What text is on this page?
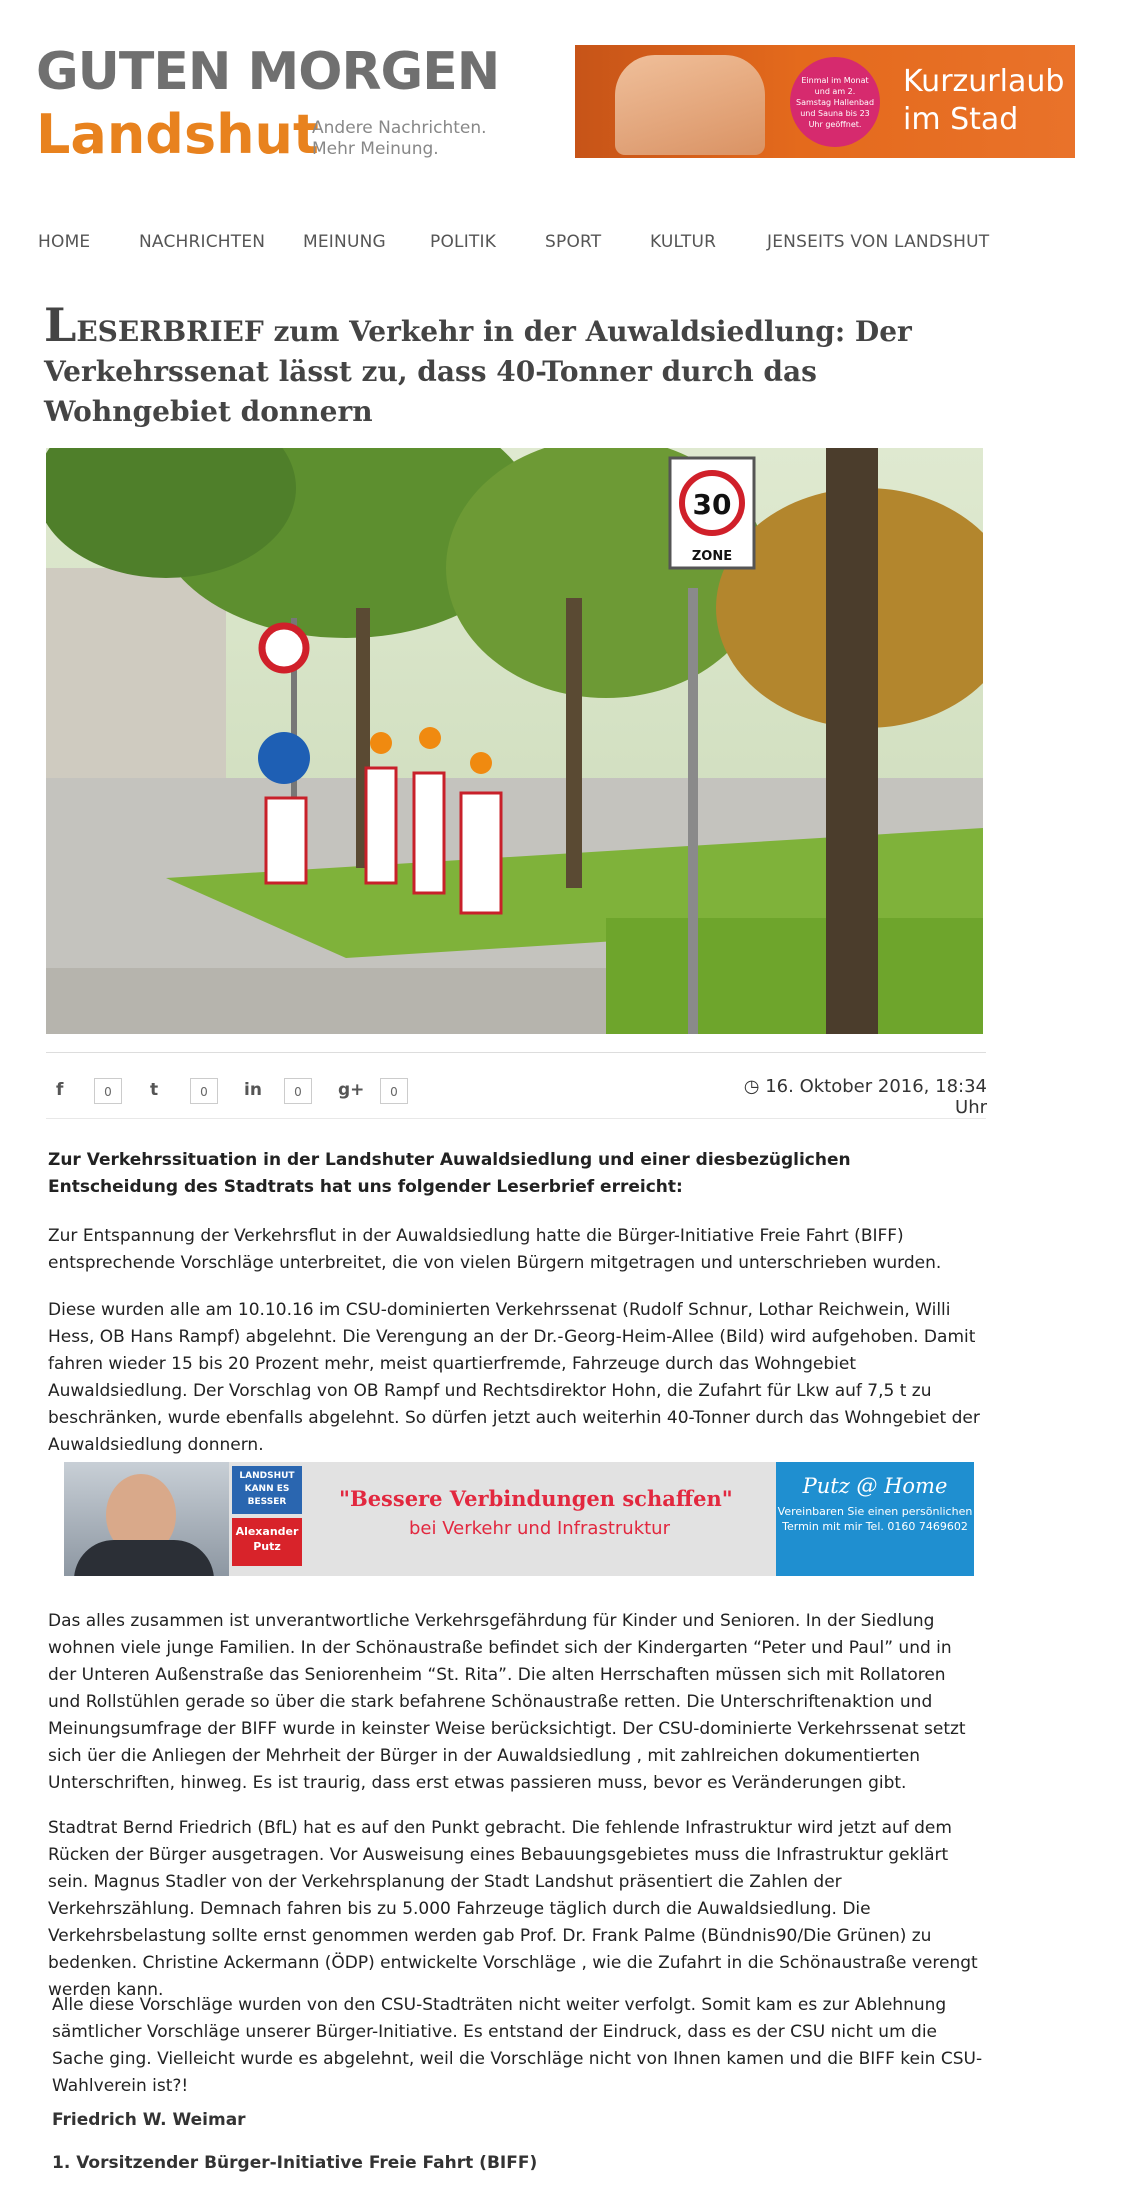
GUTEN MORGEN
Landshut
Andere Nachrichten.
Mehr Meinung.
Einmal im Monat und am 2. Samstag Hallenbad und Sauna bis 23 Uhr geöffnet.
Kurzurlaub
im Stad
HOME	NACHRICHTEN MEINUNG	POLITIK	SPORT	KULTUR	JENSEITS VON LANDSHUT
LESERBRIEF zum Verkehr in der Auwaldsiedlung: Der Verkehrssenat lässt zu, dass 40-Tonner durch das Wohngebiet donnern
30
ZONE
f	0	t	0	in	0	g+	0	◷ 16. Oktober 2016, 18:34 Uhr

Zur Verkehrssituation in der Landshuter Auwaldsiedlung und einer diesbezüglichen Entscheidung des Stadtrats hat uns folgender Leserbrief erreicht:

Zur Entspannung der Verkehrsflut in der Auwaldsiedlung hatte die Bürger-Initiative Freie Fahrt (BIFF) entsprechende Vorschläge unterbreitet, die von vielen Bürgern mitgetragen und unterschrieben wurden.

Diese wurden alle am 10.10.16 im CSU-dominierten Verkehrssenat (Rudolf Schnur, Lothar Reichwein, Willi Hess, OB Hans Rampf) abgelehnt. Die Verengung an der Dr.-Georg-Heim-Allee (Bild) wird aufgehoben. Damit fahren wieder 15 bis 20 Prozent mehr, meist quartierfremde, Fahrzeuge durch das Wohngebiet Auwaldsiedlung. Der Vorschlag von OB Rampf und Rechtsdirektor Hohn, die Zufahrt für Lkw auf 7,5 t zu beschränken, wurde ebenfalls abgelehnt. So dürfen jetzt auch weiterhin 40-Tonner durch das Wohngebiet der Auwaldsiedlung donnern.

LANDSHUT KANN ES BESSER
Alexander Putz
"Bessere Verbindungen schaffen"
bei Verkehr und Infrastruktur
Putz @ Home
Vereinbaren Sie einen persönlichen Termin mit mir Tel. 0160 7469602

Das alles zusammen ist unverantwortliche Verkehrsgefährdung für Kinder und Senioren. In der Siedlung wohnen viele junge Familien. In der Schönaustraße befindet sich der Kindergarten “Peter und Paul” und in der Unteren Außenstraße das Seniorenheim “St. Rita”. Die alten Herrschaften müssen sich mit Rollatoren und Rollstühlen gerade so über die stark befahrene Schönaustraße retten. Die Unterschriftenaktion und Meinungsumfrage der BIFF wurde in keinster Weise berücksichtigt. Der CSU-dominierte Verkehrssenat setzt sich üer die Anliegen der Mehrheit der Bürger in der Auwaldsiedlung , mit zahlreichen dokumentierten Unterschriften, hinweg. Es ist traurig, dass erst etwas passieren muss, bevor es Veränderungen gibt.

Stadtrat Bernd Friedrich (BfL) hat es auf den Punkt gebracht. Die fehlende Infrastruktur wird jetzt auf dem Rücken der Bürger ausgetragen. Vor Ausweisung eines Bebauungsgebietes muss die Infrastruktur geklärt sein. Magnus Stadler von der Verkehrsplanung der Stadt Landshut präsentiert die Zahlen der Verkehrszählung. Demnach fahren bis zu 5.000 Fahrzeuge täglich durch die Auwaldsiedlung. Die Verkehrsbelastung sollte ernst genommen werden gab Prof. Dr. Frank Palme (Bündnis90/Die Grünen) zu bedenken. Christine Ackermann (ÖDP) entwickelte Vorschläge , wie die Zufahrt in die Schönaustraße verengt werden kann.

Alle diese Vorschläge wurden von den CSU-Stadträten nicht weiter verfolgt. Somit kam es zur Ablehnung sämtlicher Vorschläge unserer Bürger-Initiative. Es entstand der Eindruck, dass es der CSU nicht um die Sache ging. Vielleicht wurde es abgelehnt, weil die Vorschläge nicht von Ihnen kamen und die BIFF kein CSU-Wahlverein ist?!

Friedrich W. Weimar
1. Vorsitzender Bürger-Initiative Freie Fahrt (BIFF)
